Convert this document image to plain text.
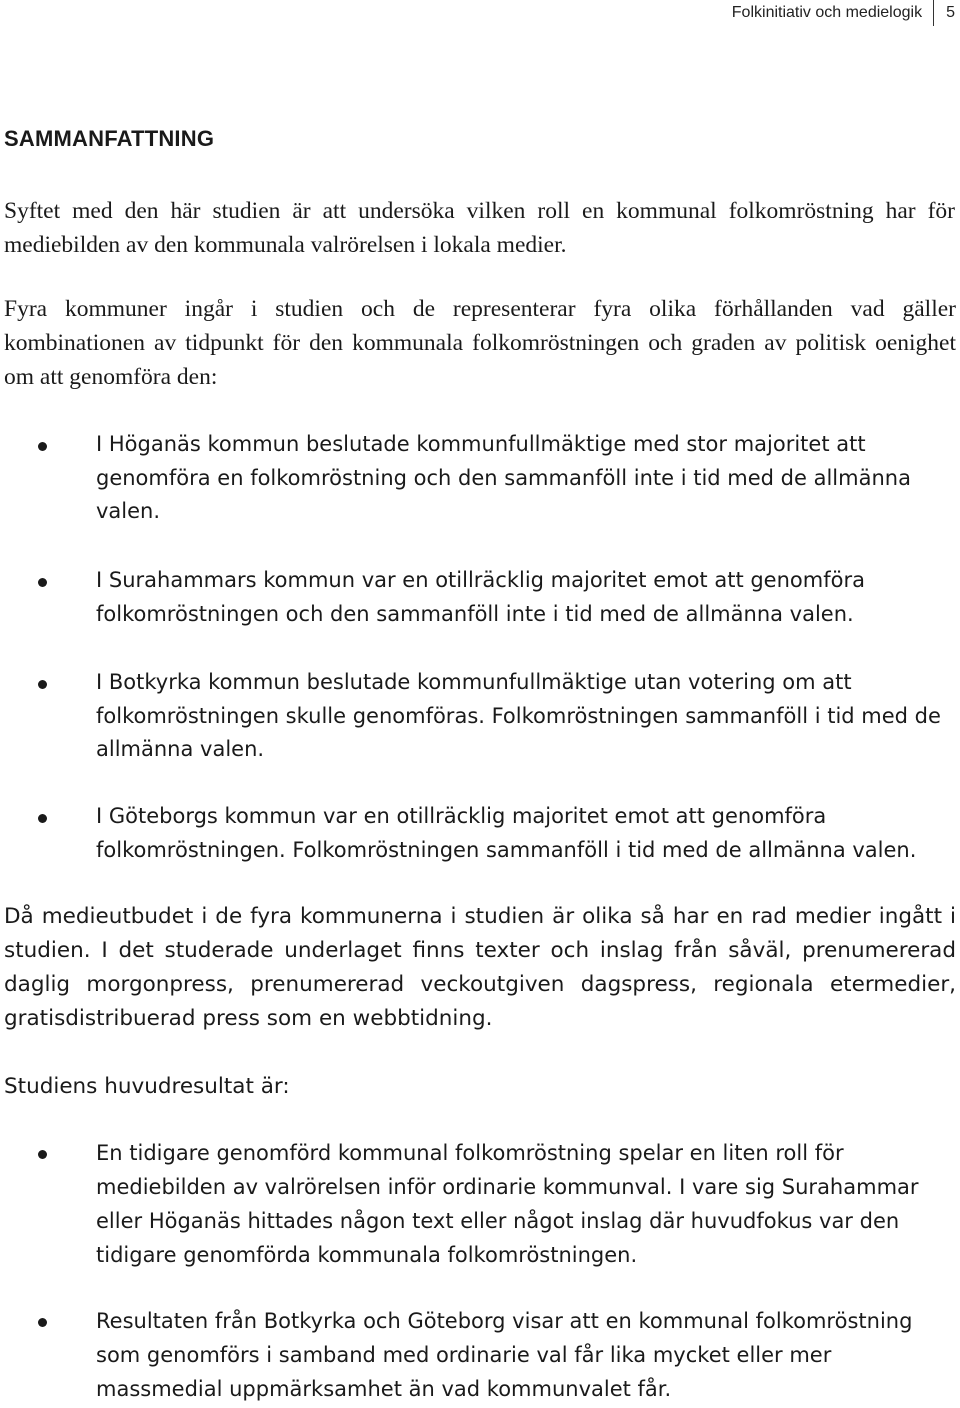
Folkinitiativ och medielogik 5
SAMMANFATTNING

Syftet med den här studien är att undersöka vilken roll en kommunal folkomröstning har för mediebilden av den kommunala valrörelsen i lokala medier.

Fyra kommuner ingår i studien och de representerar fyra olika förhållanden vad gäller kombinationen av tidpunkt för den kommunala folkomröstningen och graden av politisk oenighet om att genomföra den:

I Höganäs kommun beslutade kommunfullmäktige med stor majoritet att genomföra en folkomröstning och den sammanföll inte i tid med de allmänna valen.
I Surahammars kommun var en otillräcklig majoritet emot att genomföra folkomröstningen och den sammanföll inte i tid med de allmänna valen.
I Botkyrka kommun beslutade kommunfullmäktige utan votering om att folkomröstningen skulle genomföras. Folkomröstningen sammanföll i tid med de allmänna valen.
I Göteborgs kommun var en otillräcklig majoritet emot att genomföra folkomröstningen. Folkomröstningen sammanföll i tid med de allmänna valen.

Då medieutbudet i de fyra kommunerna i studien är olika så har en rad medier ingått i studien. I det studerade underlaget finns texter och inslag från såväl, prenumererad daglig morgonpress, prenumererad veckoutgiven dagspress, regionala etermedier, gratisdistribuerad press som en webbtidning.

Studiens huvudresultat är:

En tidigare genomförd kommunal folkomröstning spelar en liten roll för mediebilden av valrörelsen inför ordinarie kommunval. I vare sig Surahammar eller Höganäs hittades någon text eller något inslag där huvudfokus var den tidigare genomförda kommunala folkomröstningen.
Resultaten från Botkyrka och Göteborg visar att en kommunal folkomröstning som genomförs i samband med ordinarie val får lika mycket eller mer massmedial uppmärksamhet än vad kommunvalet får.
